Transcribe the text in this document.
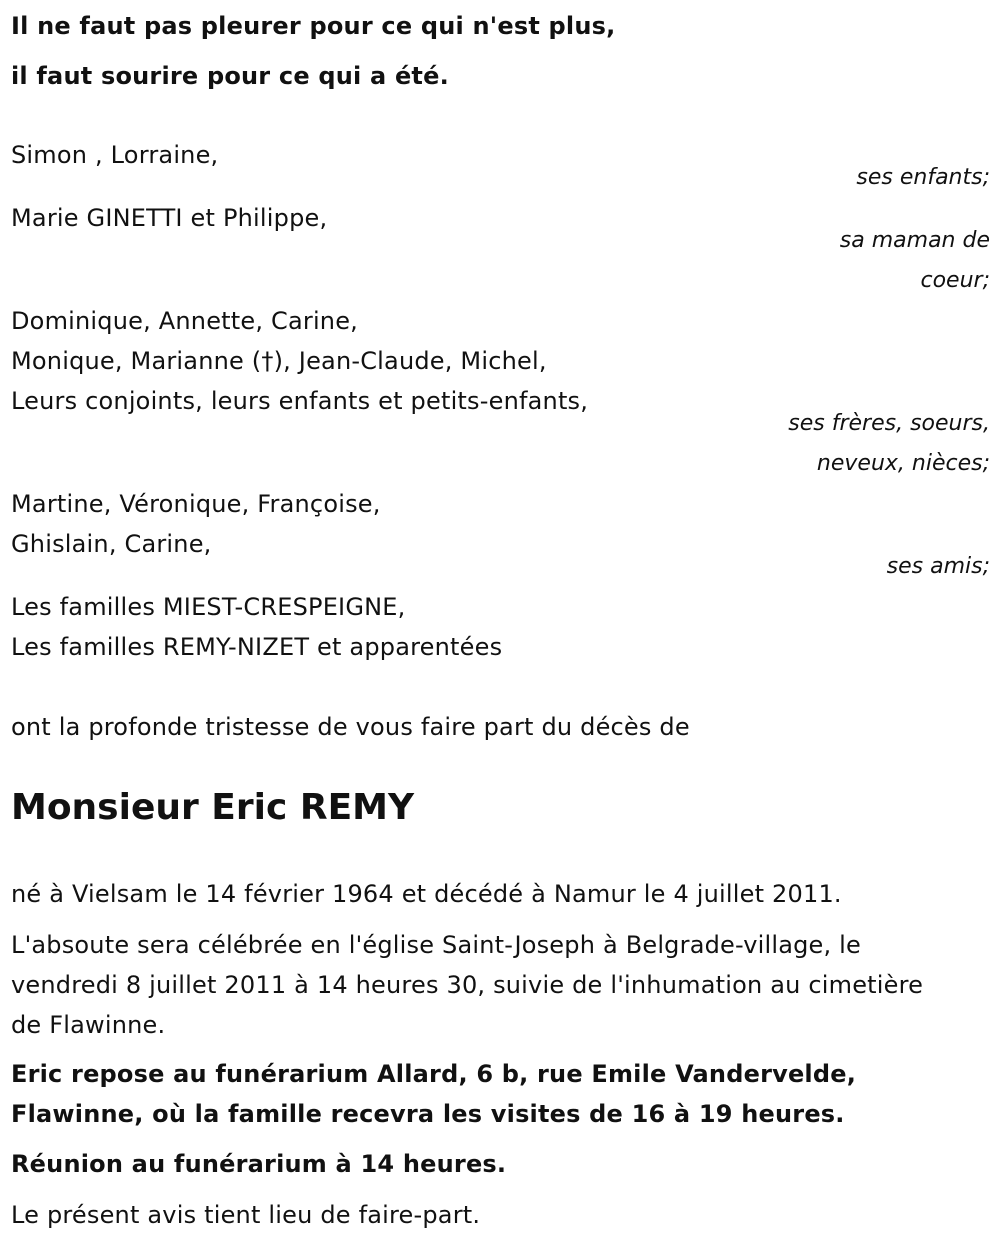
Il ne faut pas pleurer pour ce qui n'est plus,
il faut sourire pour ce qui a été.
Simon , Lorraine,
ses enfants;
Marie GINETTI et Philippe,
sa maman de
coeur;
Dominique, Annette, Carine,
Monique, Marianne (†), Jean-Claude, Michel,
Leurs conjoints, leurs enfants et petits-enfants,
ses frères, soeurs,
neveux, nièces;
Martine, Véronique, Françoise,
Ghislain, Carine,
ses amis;
Les familles MIEST-CRESPEIGNE,
Les familles REMY-NIZET et apparentées
ont la profonde tristesse de vous faire part du décès de
Monsieur Eric REMY
né à Vielsam le 14 février 1964 et décédé à Namur le 4 juillet 2011.
L'absoute sera célébrée en l'église Saint-Joseph à Belgrade-village, le
vendredi 8 juillet 2011 à 14 heures 30, suivie de l'inhumation au cimetière
de Flawinne.
Eric repose au funérarium Allard, 6 b, rue Emile Vandervelde,
Flawinne, où la famille recevra les visites de 16 à 19 heures.
Réunion au funérarium à 14 heures.
Le présent avis tient lieu de faire-part.
